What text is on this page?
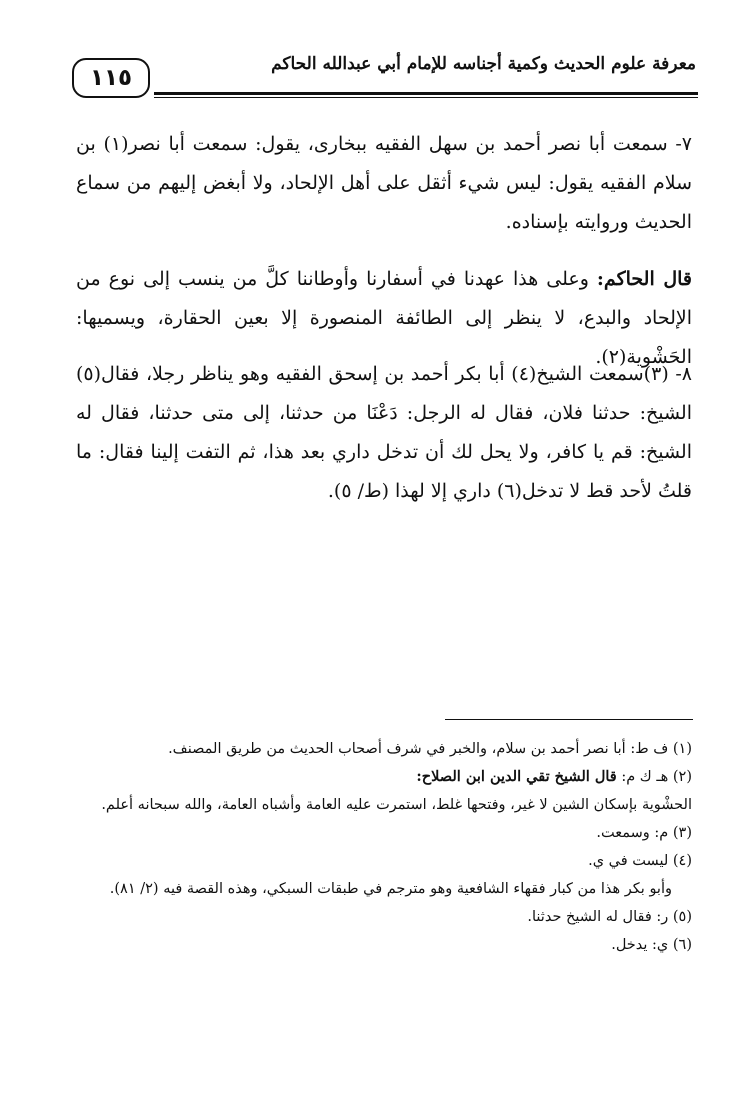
١١٥
معرفة علوم الحديث وكمية أجناسه للإمام أبي عبدالله الحاكم
٧- سمعت أبا نصر أحمد بن سهل الفقيه ببخارى، يقول: سمعت أبا نصر(١) بن سلام الفقيه يقول: ليس شيء أثقل على أهل الإلحاد، ولا أبغض إليهم من سماع الحديث وروايته بإسناده.
قال الحاكم: وعلى هذا عهدنا في أسفارنا وأوطاننا كلَّ من ينسب إلى نوع من الإلحاد والبدع، لا ينظر إلى الطائفة المنصورة إلا بعين الحقارة، ويسميها: الحَشْوية(٢).
٨- (٣)سمعت الشيخ(٤) أبا بكر أحمد بن إسحق الفقيه وهو يناظر رجلا، فقال(٥) الشيخ: حدثنا فلان، فقال له الرجل: دَعْنَا من حدثنا، إلى متى حدثنا، فقال له الشيخ: قم يا كافر، ولا يحل لك أن تدخل داري بعد هذا، ثم التفت إلينا فقال: ما قلتُ لأحد قط لا تدخل(٦) داري إلا لهذا (ط/ ٥).
(١) ف ط: أبا نصر أحمد بن سلام، والخبر في شرف أصحاب الحديث من طريق المصنف.
(٢) هـ ك م: قال الشيخ تقي الدين ابن الصلاح:
الحشْوية بإسكان الشين لا غير، وفتحها غلط، استمرت عليه العامة وأشباه العامة، والله سبحانه أعلم.
(٣) م: وسمعت.
(٤) ليست في ي.
وأبو بكر هذا من كبار فقهاء الشافعية وهو مترجم في طبقات السبكي، وهذه القصة فيه (٢/ ٨١).
(٥) ر: فقال له الشيخ حدثنا.
(٦) ي: يدخل.
